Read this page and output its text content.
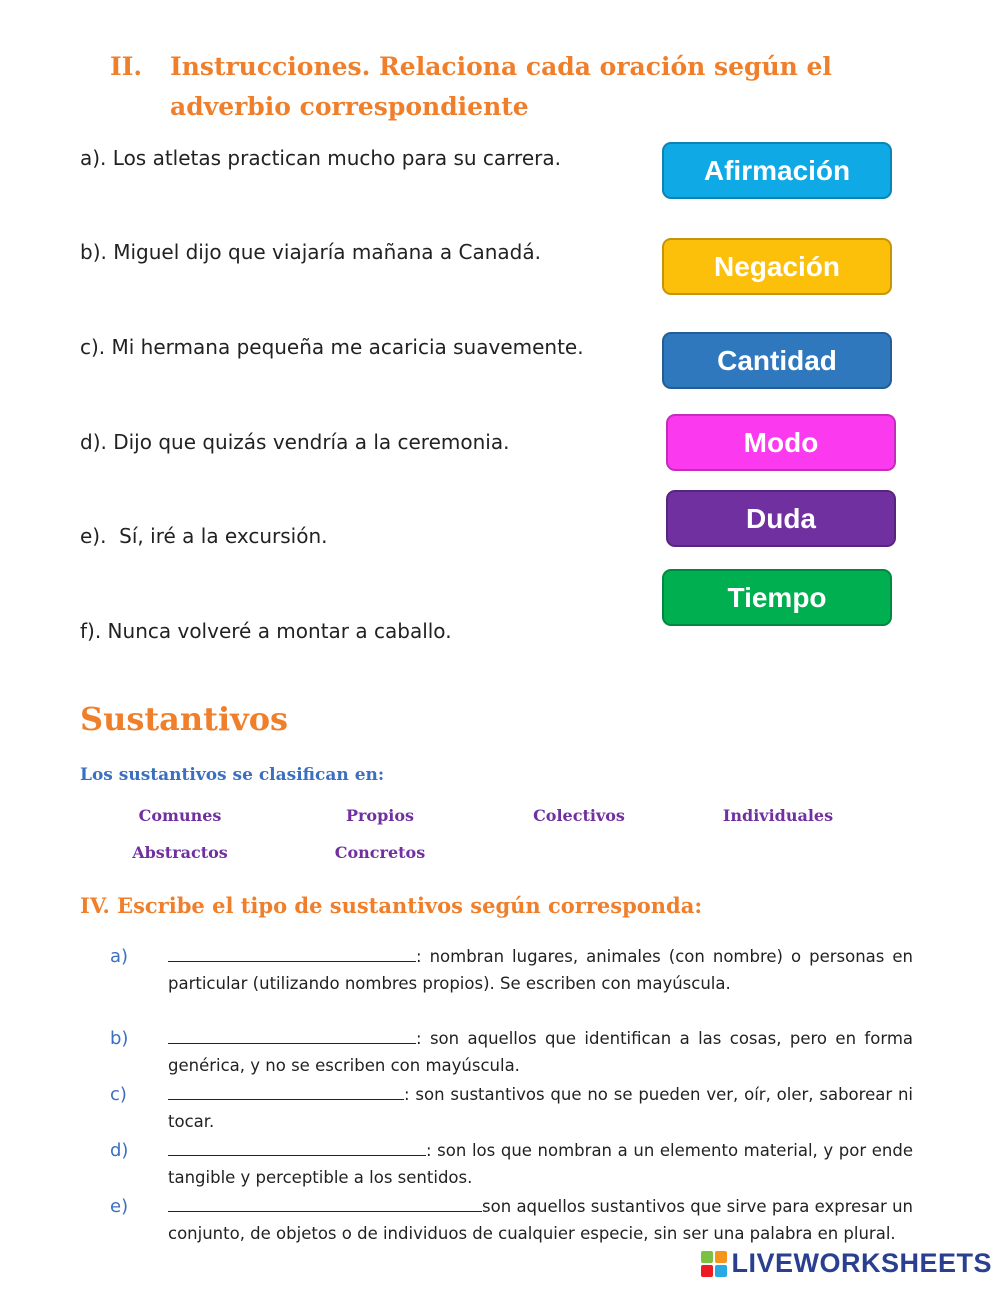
II. Instrucciones. Relaciona cada oración según el adverbio correspondiente
a). Los atletas practican mucho para su carrera.
b). Miguel dijo que viajaría mañana a Canadá.
c). Mi hermana pequeña me acaricia suavemente.
d). Dijo que quizás vendría a la ceremonia.
e).  Sí, iré a la excursión.
f). Nunca volveré a montar a caballo.
Afirmación
Negación
Cantidad
Modo
Duda
Tiempo
Sustantivos
Los sustantivos se clasifican en:
Comunes	Propios	Colectivos	Individuales
Abstractos	Concretos
IV. Escribe el tipo de sustantivos según corresponda:
a)	: nombran lugares, animales (con nombre) o personas en particular (utilizando nombres propios). Se escriben con mayúscula.
b)	: son aquellos que identifican a las cosas, pero en forma genérica, y no se escriben con mayúscula.
c)	: son sustantivos que no se pueden ver, oír, oler, saborear ni tocar.
d)	: son los que nombran a un elemento material, y por ende tangible y perceptible a los sentidos.
e)	son aquellos sustantivos que sirve para expresar un conjunto, de objetos o de individuos de cualquier especie, sin ser una palabra en plural.
LIVEWORKSHEETS
